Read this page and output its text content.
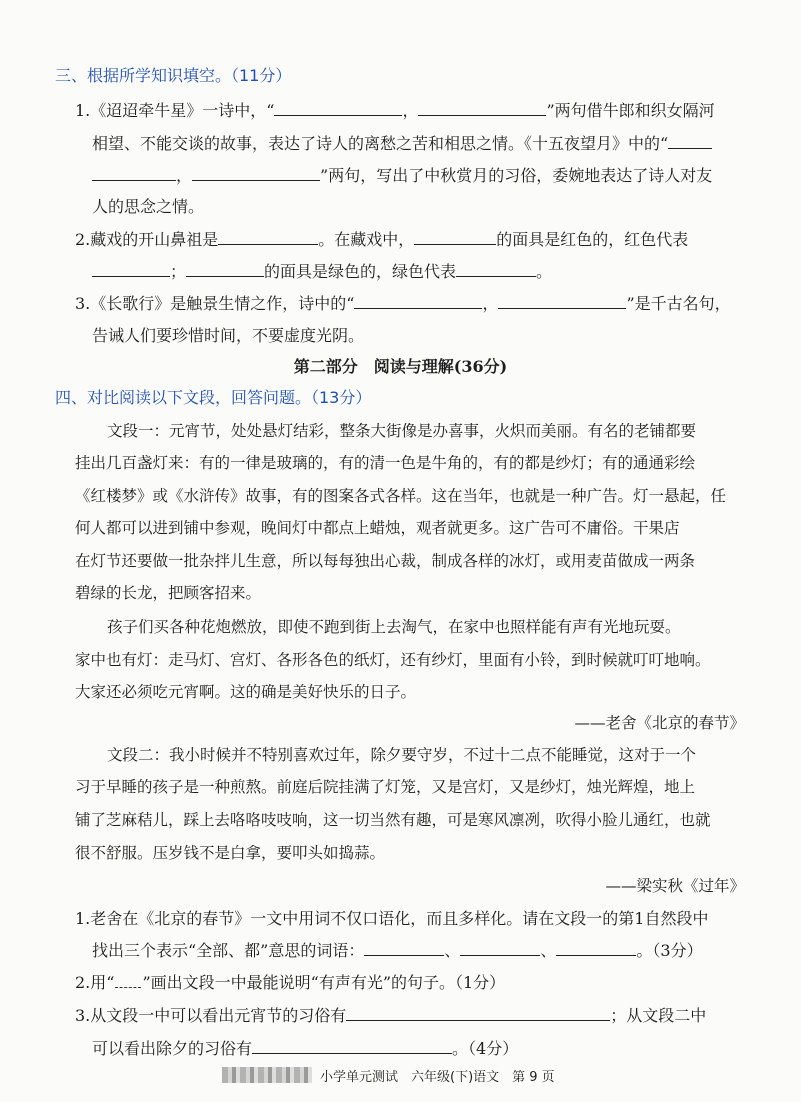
三、根据所学知识填空。（11分）
1.《迢迢牵牛星》一诗中，“	，	”两句借牛郎和织女隔河
相望、不能交谈的故事，表达了诗人的离愁之苦和相思之情。《十五夜望月》中的“
，	”两句，写出了中秋赏月的习俗，委婉地表达了诗人对友
人的思念之情。
2.藏戏的开山鼻祖是	。在藏戏中，	的面具是红色的，红色代表
；	的面具是绿色的，绿色代表	。
3.《长歌行》是触景生情之作，诗中的“	，	”是千古名句，
告诫人们要珍惜时间，不要虚度光阴。
第二部分　阅读与理解(36分)
四、对比阅读以下文段，回答问题。（13分）
文段一：元宵节，处处悬灯结彩，整条大街像是办喜事，火炽而美丽。有名的老铺都要
挂出几百盏灯来：有的一律是玻璃的，有的清一色是牛角的，有的都是纱灯；有的通通彩绘
《红楼梦》或《水浒传》故事，有的图案各式各样。这在当年，也就是一种广告。灯一悬起，任
何人都可以进到铺中参观，晚间灯中都点上蜡烛，观者就更多。这广告可不庸俗。干果店
在灯节还要做一批杂拌儿生意，所以每每独出心裁，制成各样的冰灯，或用麦苗做成一两条
碧绿的长龙，把顾客招来。
孩子们买各种花炮燃放，即使不跑到街上去淘气，在家中也照样能有声有光地玩耍。
家中也有灯：走马灯、宫灯、各形各色的纸灯，还有纱灯，里面有小铃，到时候就叮叮地响。
大家还必须吃元宵啊。这的确是美好快乐的日子。
——老舍《北京的春节》
文段二：我小时候并不特别喜欢过年，除夕要守岁，不过十二点不能睡觉，这对于一个
习于早睡的孩子是一种煎熬。前庭后院挂满了灯笼，又是宫灯，又是纱灯，烛光辉煌，地上
铺了芝麻秸儿，踩上去咯咯吱吱响，这一切当然有趣，可是寒风凛冽，吹得小脸儿通红，也就
很不舒服。压岁钱不是白拿，要叩头如捣蒜。
——梁实秋《过年》
1.老舍在《北京的春节》一文中用词不仅口语化，而且多样化。请在文段一的第1自然段中
找出三个表示“全部、都”意思的词语：	、	、	。（3分）
2.用“ ”画出文段一中最能说明“有声有光”的句子。（1分）
3.从文段一中可以看出元宵节的习俗有	；从文段二中
可以看出除夕的习俗有	。（4分）
小学单元测试　六年级(下)语文　第 9 页
